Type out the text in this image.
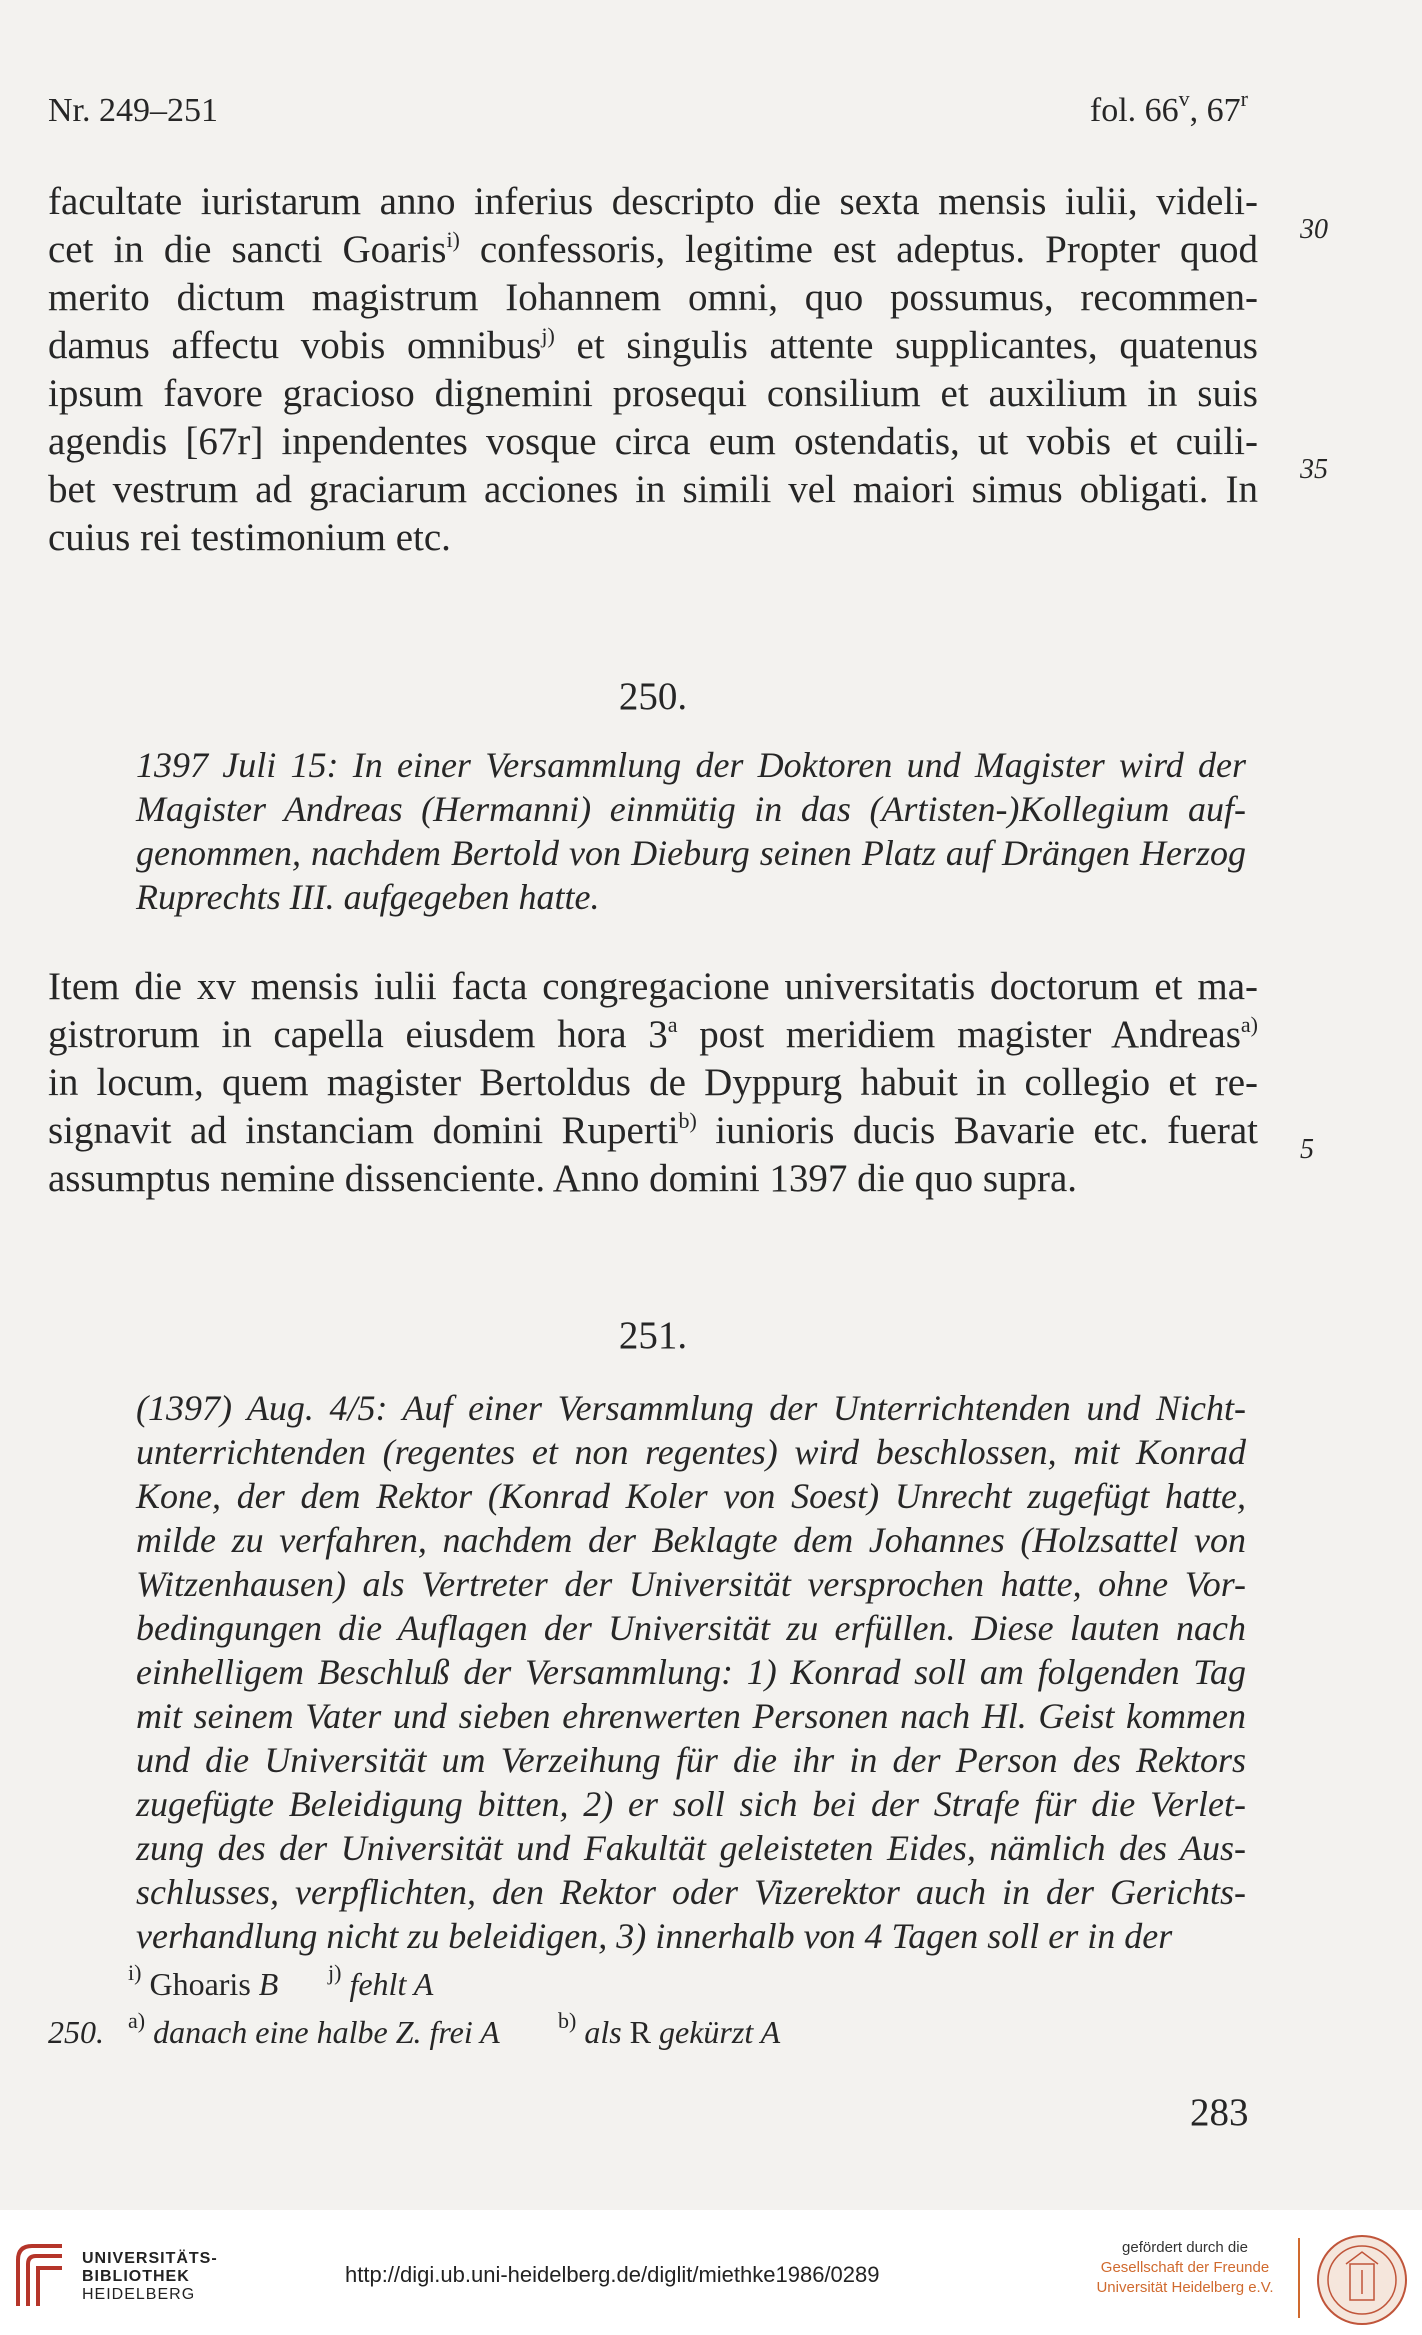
Nr. 249–251	fol. 66$^v$, 67$^r$

facultate iuristarum anno inferius descripto die sexta mensis iulii, videli-
cet in die sancti Goaris$^{i)}$ confessoris, legitime est adeptus. Propter quod
merito dictum magistrum Iohannem omni, quo possumus, recommen-
damus affectu vobis omnibus$^{j)}$ et singulis attente supplicantes, quatenus
ipsum favore gracioso dignemini prosequi consilium et auxilium in suis
agendis [67r] inpendentes vosque circa eum ostendatis, ut vobis et cuili-
bet vestrum ad graciarum acciones in simili vel maiori simus obligati. In
cuius rei testimonium etc.

250.

1397 Juli 15: In einer Versammlung der Doktoren und Magister wird der
Magister Andreas (Hermanni) einmütig in das (Artisten-)Kollegium auf-
genommen, nachdem Bertold von Dieburg seinen Platz auf Drängen Herzog
Ruprechts III. aufgegeben hatte.

Item die xv mensis iulii facta congregacione universitatis doctorum et ma-
gistrorum in capella eiusdem hora 3$^a$ post meridiem magister Andreas$^{a)}$
in locum, quem magister Bertoldus de Dyppurg habuit in collegio et re-
signavit ad instanciam domini Ruperti$^{b)}$ iunioris ducis Bavarie etc. fuerat
assumptus nemine dissenciente. Anno domini 1397 die quo supra.

251.

(1397) Aug. 4/5: Auf einer Versammlung der Unterrichtenden und Nicht-
unterrichtenden (regentes et non regentes) wird beschlossen, mit Konrad
Kone, der dem Rektor (Konrad Koler von Soest) Unrecht zugefügt hatte,
milde zu verfahren, nachdem der Beklagte dem Johannes (Holzsattel von
Witzenhausen) als Vertreter der Universität versprochen hatte, ohne Vor-
bedingungen die Auflagen der Universität zu erfüllen. Diese lauten nach
einhelligem Beschluß der Versammlung: 1) Konrad soll am folgenden Tag
mit seinem Vater und sieben ehrenwerten Personen nach Hl. Geist kommen
und die Universität um Verzeihung für die ihr in der Person des Rektors
zugefügte Beleidigung bitten, 2) er soll sich bei der Strafe für die Verlet-
zung des der Universität und Fakultät geleisteten Eides, nämlich des Aus-
schlusses, verpflichten, den Rektor oder Vizerektor auch in der Gerichts-
verhandlung nicht zu beleidigen, 3) innerhalb von 4 Tagen soll er in der

30
35
5
$^{i)}$ Ghoaris B $^{j)}$ fehlt A
250. $^{a)}$ danach eine halbe Z. frei A	$^{b)}$ als R gekürzt A
283
UNIVERSITÄTS-
BIBLIOTHEK
HEIDELBERG
http://digi.ub.uni-heidelberg.de/diglit/miethke1986/0289
gefördert durch die
Gesellschaft der Freunde
Universität Heidelberg e.V.
